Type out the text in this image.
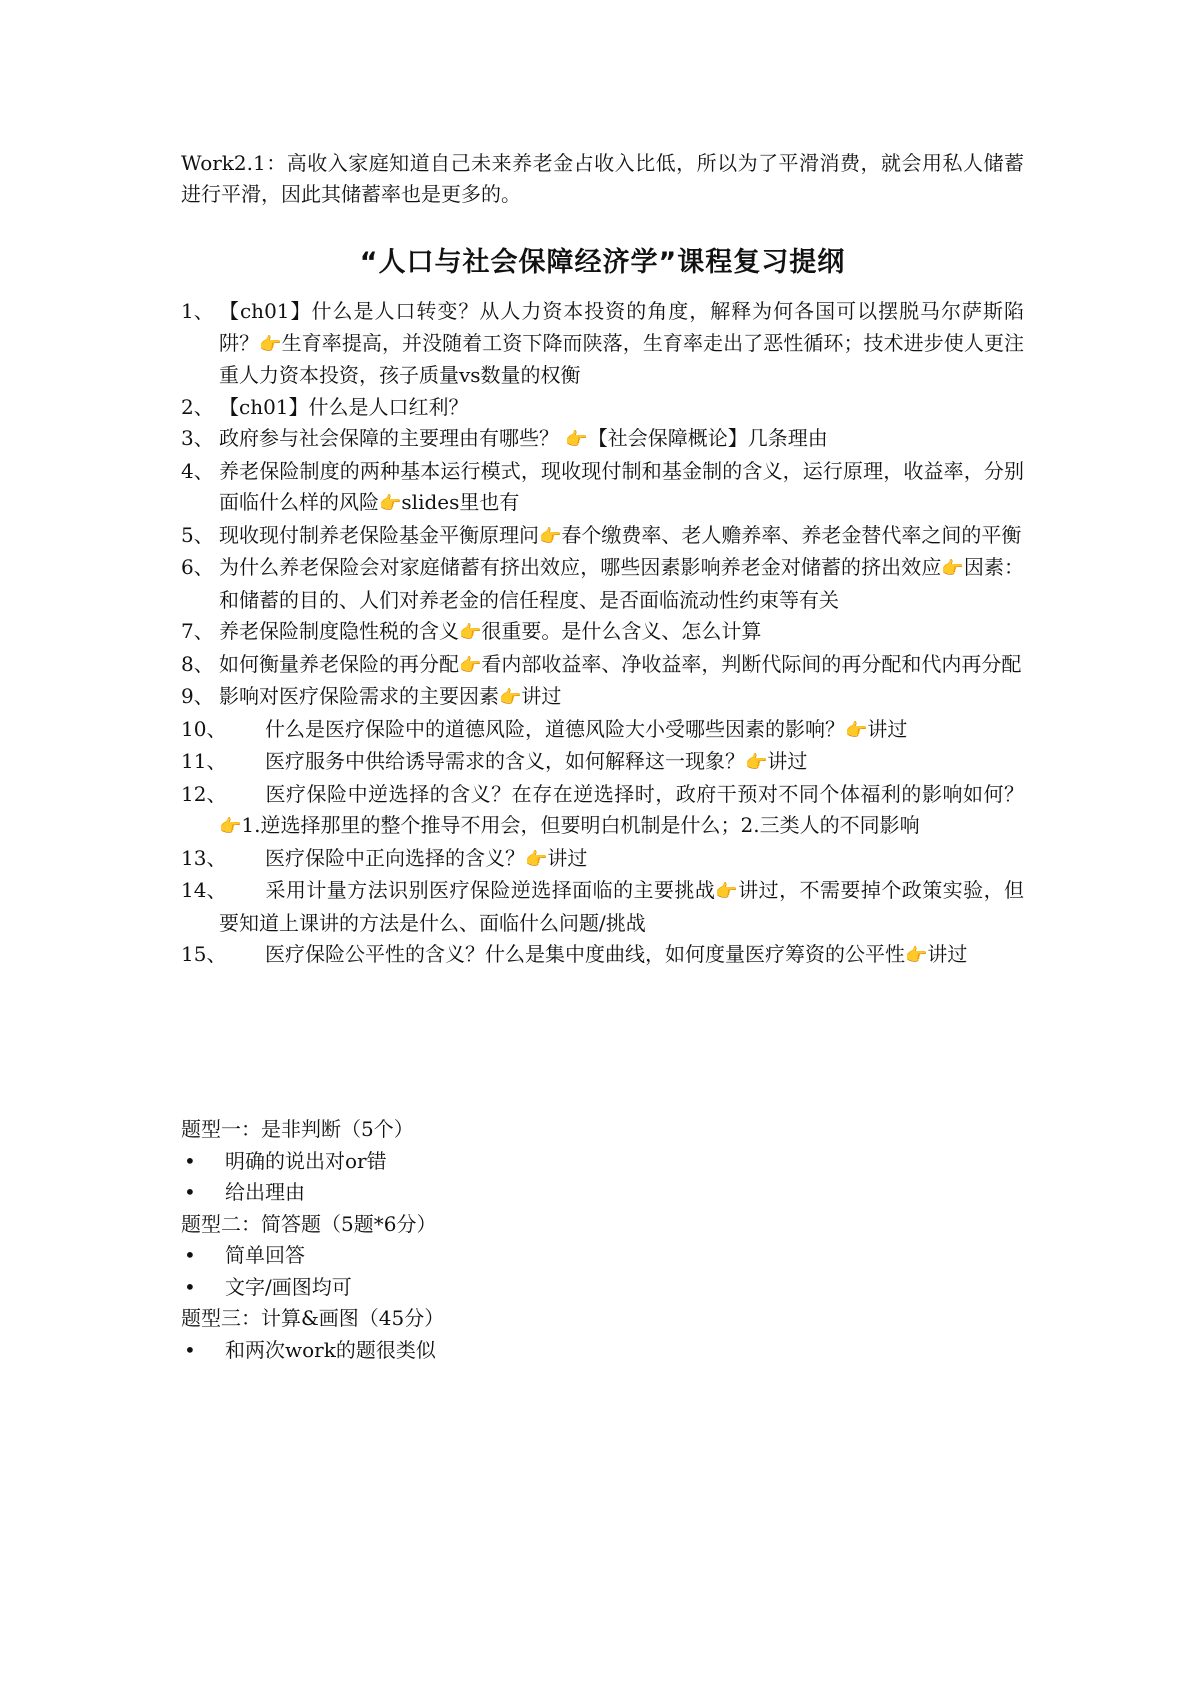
Work2.1：高收入家庭知道自己未来养老金占收入比低，所以为了平滑消费，就会用私人储蓄进行平滑，因此其储蓄率也是更多的。
“人口与社会保障经济学”课程复习提纲
1、 【ch01】什么是人口转变？从人力资本投资的角度，解释为何各国可以摆脱马尔萨斯陷阱？👉生育率提高，并没随着工资下降而陕落，生育率走出了恶性循环；技术进步使人更注重人力资本投资，孩子质量vs数量的权衡
2、 【ch01】什么是人口红利？
3、 政府参与社会保障的主要理由有哪些？ 👉【社会保障概论】几条理由
4、 养老保险制度的两种基本运行模式，现收现付制和基金制的含义，运行原理，收益率，分别面临什么样的风险👉slides里也有
5、 现收现付制养老保险基金平衡原理问👉春个缴费率、老人赡养率、养老金替代率之间的平衡
6、 为什么养老保险会对家庭储蓄有挤出效应，哪些因素影响养老金对储蓄的挤出效应👉因素：和储蓄的目的、人们对养老金的信任程度、是否面临流动性约束等有关
7、 养老保险制度隐性税的含义👉很重要。是什么含义、怎么计算
8、 如何衡量养老保险的再分配👉看内部收益率、净收益率，判断代际间的再分配和代内再分配
9、 影响对医疗保险需求的主要因素👉讲过
10、	什么是医疗保险中的道德风险，道德风险大小受哪些因素的影响？👉讲过
11、	医疗服务中供给诱导需求的含义，如何解释这一现象？👉讲过
12、	医疗保险中逆选择的含义？在存在逆选择时，政府干预对不同个体福利的影响如何？👉1.逆选择那里的整个推导不用会，但要明白机制是什么；2.三类人的不同影响
13、	医疗保险中正向选择的含义？👉讲过
14、	采用计量方法识别医疗保险逆选择面临的主要挑战👉讲过，不需要掉个政策实验，但要知道上课讲的方法是什么、面临什么问题/挑战
15、	医疗保险公平性的含义？什么是集中度曲线，如何度量医疗筹资的公平性👉讲过
题型一：是非判断（5个）
• 明确的说出对or错
• 给出理由
题型二：简答题（5题*6分）
• 简单回答
• 文字/画图均可
题型三：计算&画图（45分）
• 和两次work的题很类似
